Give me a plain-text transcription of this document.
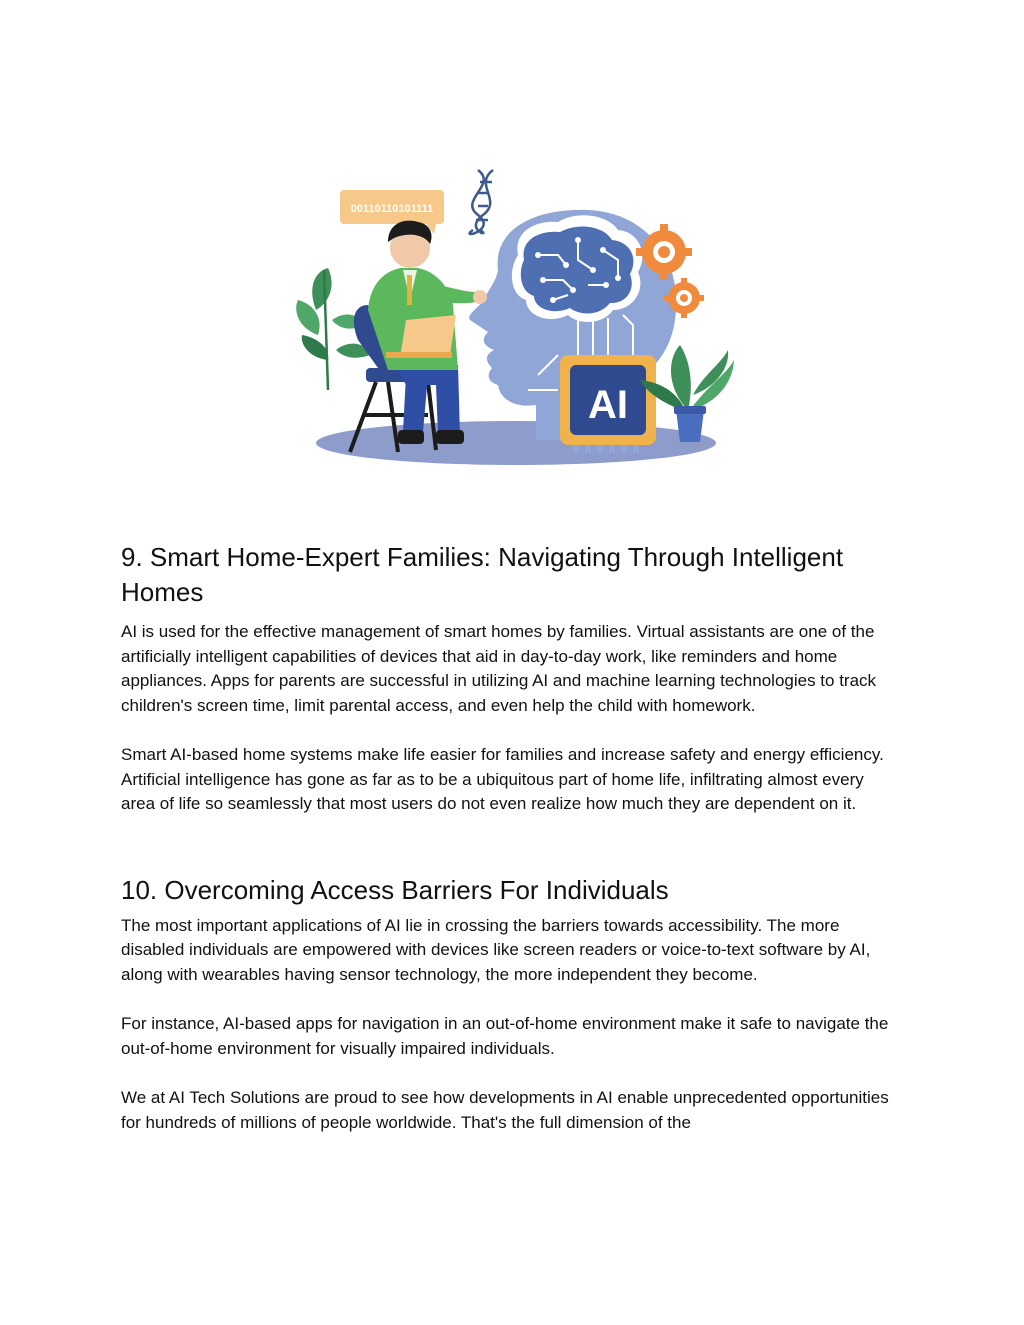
00110110101111
AI
9. Smart Home-Expert Families: Navigating Through Intelligent Homes

AI is used for the effective management of smart homes by families. Virtual assistants are one of the artificially intelligent capabilities of devices that aid in day-to-day work, like reminders and home appliances. Apps for parents are successful in utilizing AI and machine learning technologies to track children's screen time, limit parental access, and even help the child with homework.

Smart AI-based home systems make life easier for families and increase safety and energy efficiency. Artificial intelligence has gone as far as to be a ubiquitous part of home life, infiltrating almost every area of life so seamlessly that most users do not even realize how much they are dependent on it.

10. Overcoming Access Barriers For Individuals

The most important applications of AI lie in crossing the barriers towards accessibility. The more disabled individuals are empowered with devices like screen readers or voice-to-text software by AI, along with wearables having sensor technology, the more independent they become.

For instance, AI-based apps for navigation in an out-of-home environment make it safe to navigate the out-of-home environment for visually impaired individuals.

We at AI Tech Solutions are proud to see how developments in AI enable unprecedented opportunities for hundreds of millions of people worldwide. That's the full dimension of the
